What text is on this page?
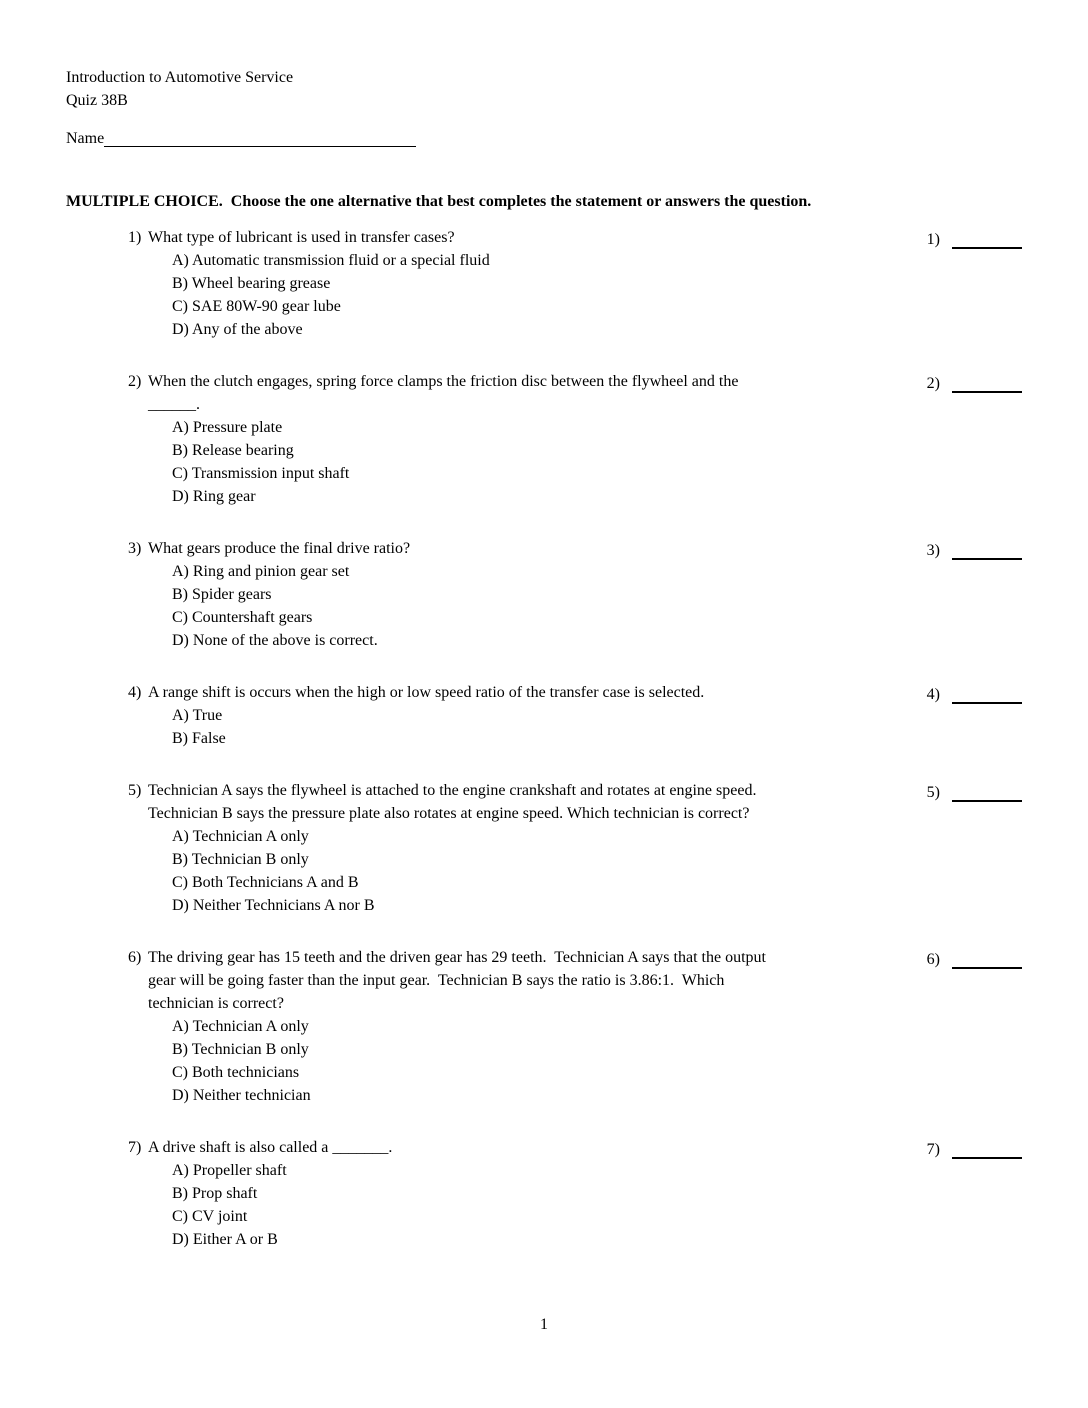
Introduction to Automotive Service
Quiz 38B
Name
MULTIPLE CHOICE.  Choose the one alternative that best completes the statement or answers the question.
1) What type of lubricant is used in transfer cases?
A) Automatic transmission fluid or a special fluid
B) Wheel bearing grease
C) SAE 80W-90 gear lube
D) Any of the above
1)
2) When the clutch engages, spring force clamps the friction disc between the flywheel and the
______.
A) Pressure plate
B) Release bearing
C) Transmission input shaft
D) Ring gear
2)
3) What gears produce the final drive ratio?
A) Ring and pinion gear set
B) Spider gears
C) Countershaft gears
D) None of the above is correct.
3)
4) A range shift is occurs when the high or low speed ratio of the transfer case is selected.
A) True
B) False
4)
5) Technician A says the flywheel is attached to the engine crankshaft and rotates at engine speed.
Technician B says the pressure plate also rotates at engine speed. Which technician is correct?
A) Technician A only
B) Technician B only
C) Both Technicians A and B
D) Neither Technicians A nor B
5)
6) The driving gear has 15 teeth and the driven gear has 29 teeth.  Technician A says that the output
gear will be going faster than the input gear.  Technician B says the ratio is 3.86:1.  Which
technician is correct?
A) Technician A only
B) Technician B only
C) Both technicians
D) Neither technician
6)
7) A drive shaft is also called a _______.
A) Propeller shaft
B) Prop shaft
C) CV joint
D) Either A or B
7)
1
